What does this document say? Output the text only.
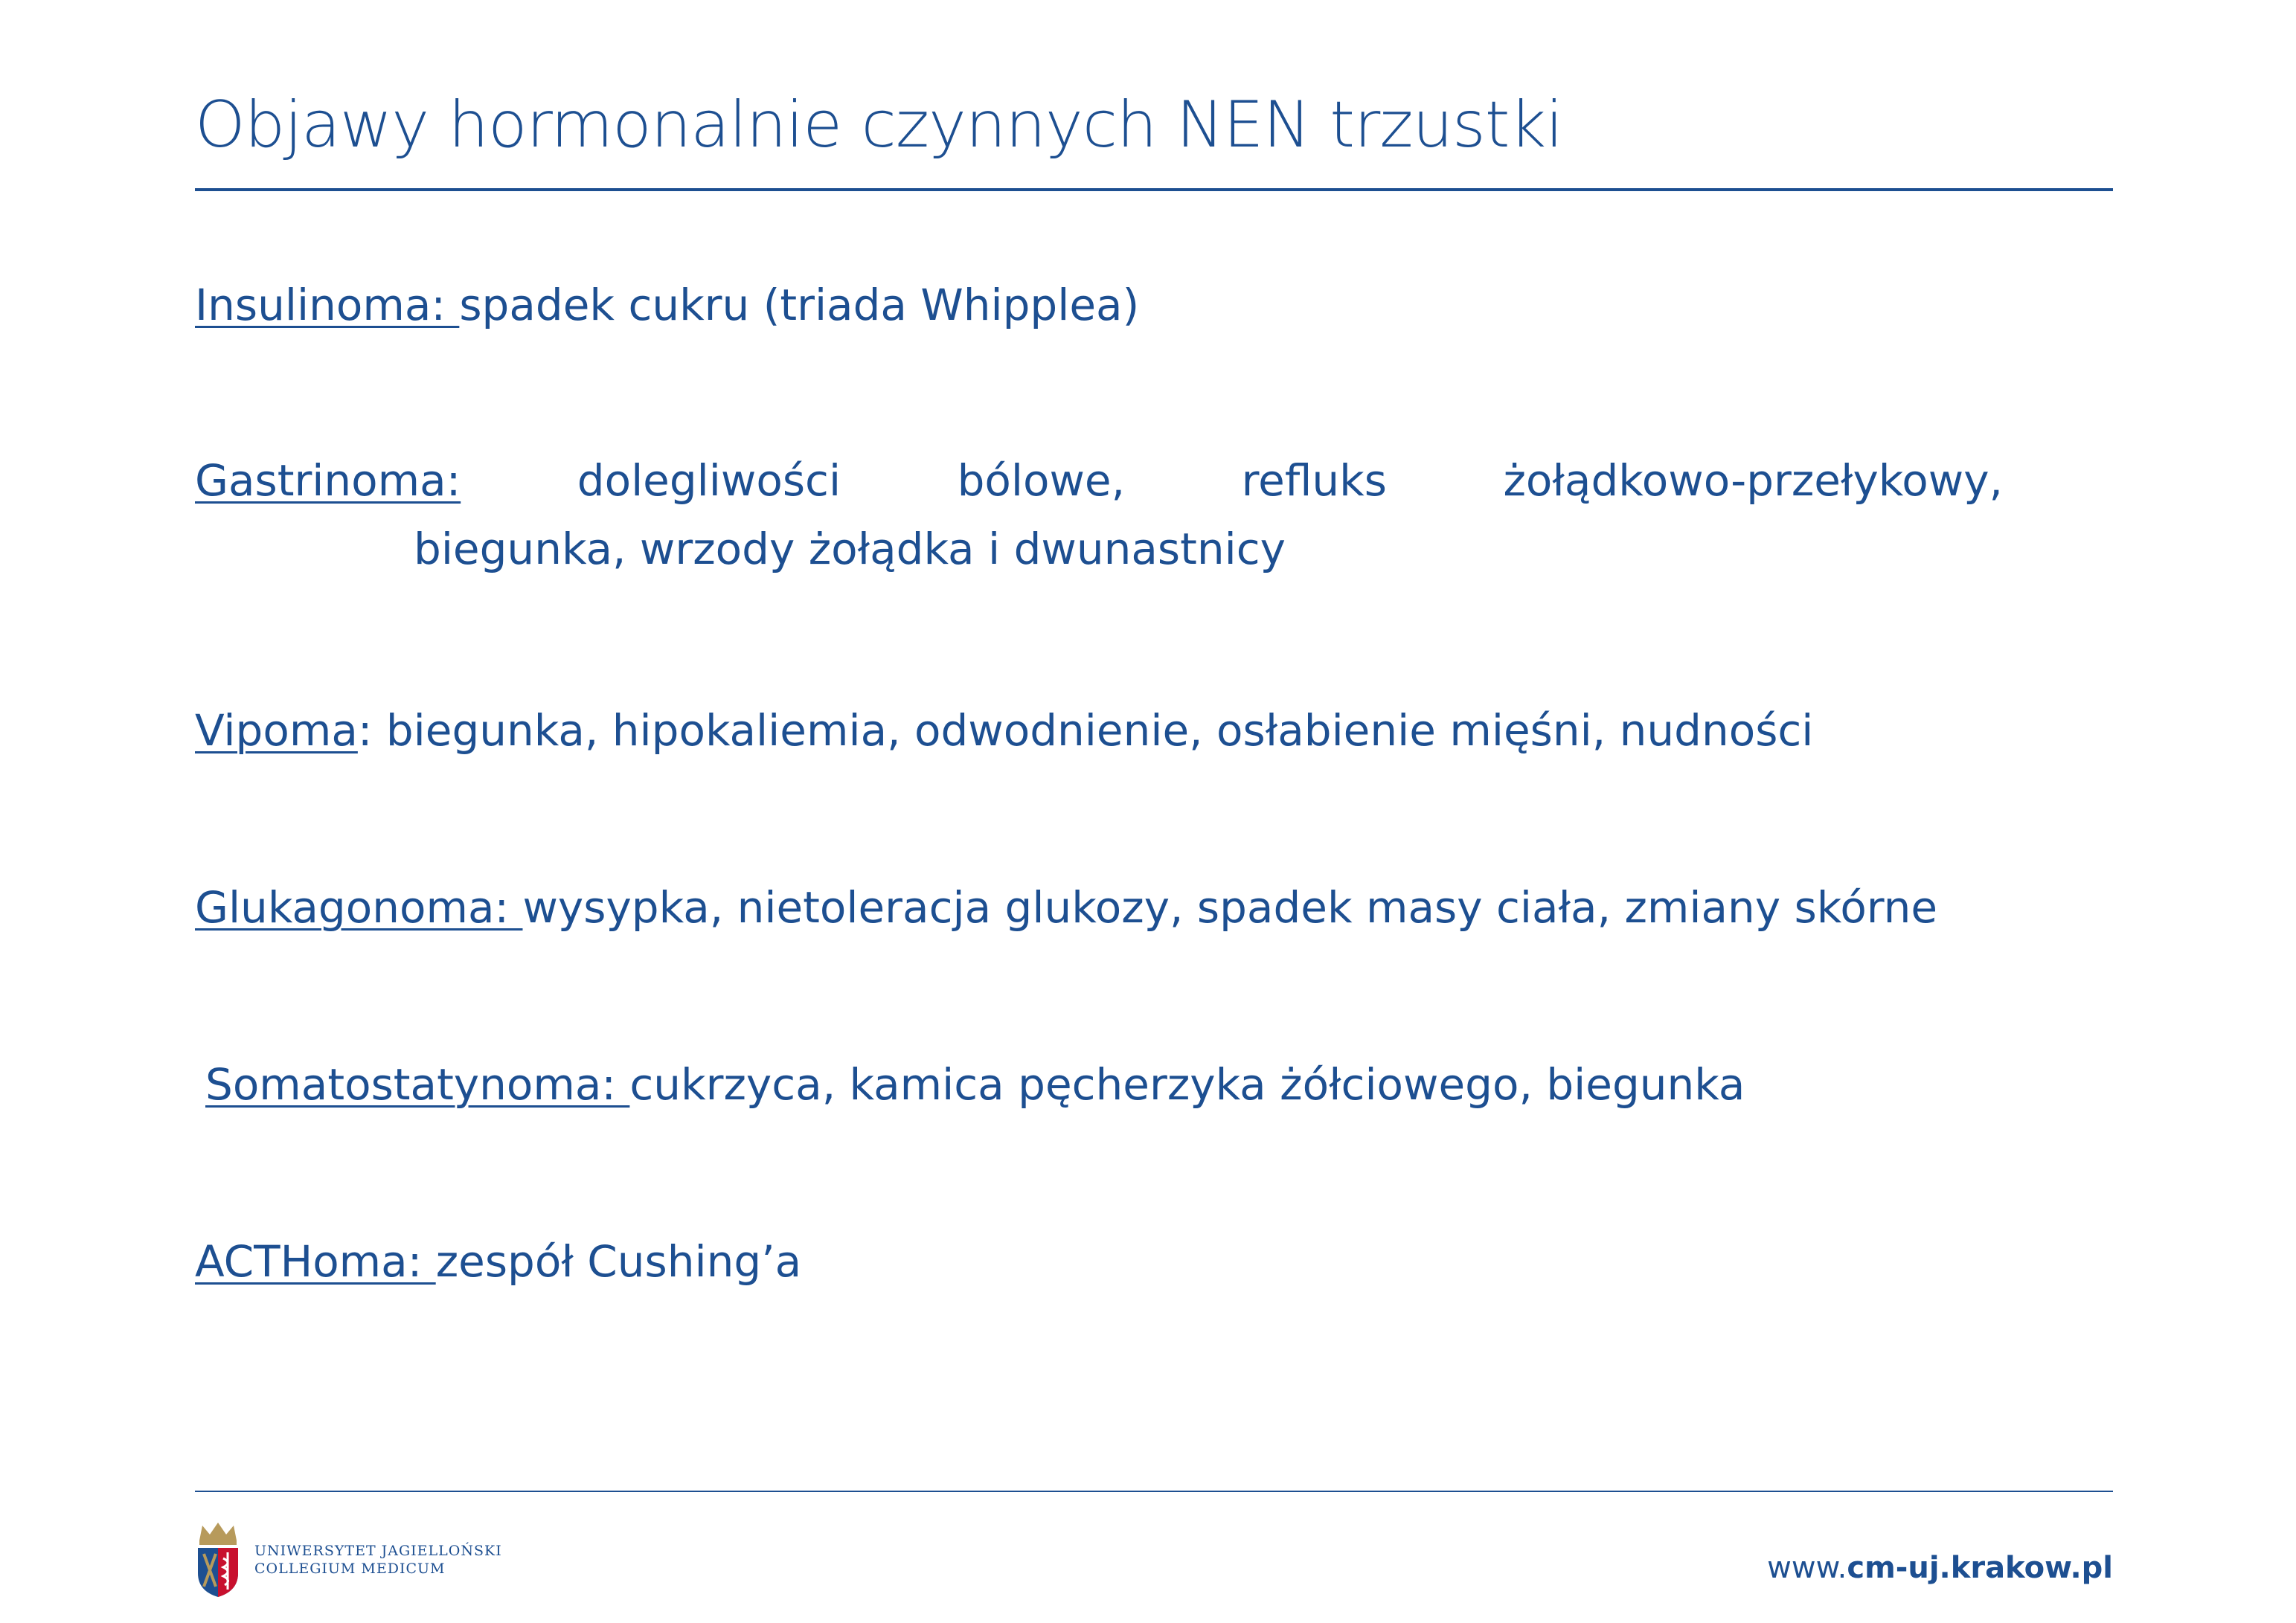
Objawy hormonalnie czynnych NEN trzustki
Insulinoma: spadek cukru (triada Whipplea)
Gastrinoma:	dolegliwości	bólowe,	refluks	żołądkowo-przełykowy,
biegunka, wrzody żołądka i dwunastnicy
Vipoma: biegunka, hipokaliemia, odwodnienie, osłabienie mięśni, nudności
Glukagonoma: wysypka, nietoleracja glukozy, spadek masy ciała, zmiany skórne
Somatostatynoma: cukrzyca, kamica pęcherzyka żółciowego, biegunka
ACTHoma: zespół Cushing’a
UNIWERSYTET JAGIELLOŃSKI
COLLEGIUM MEDICUM	www.cm-uj.krakow.pl
